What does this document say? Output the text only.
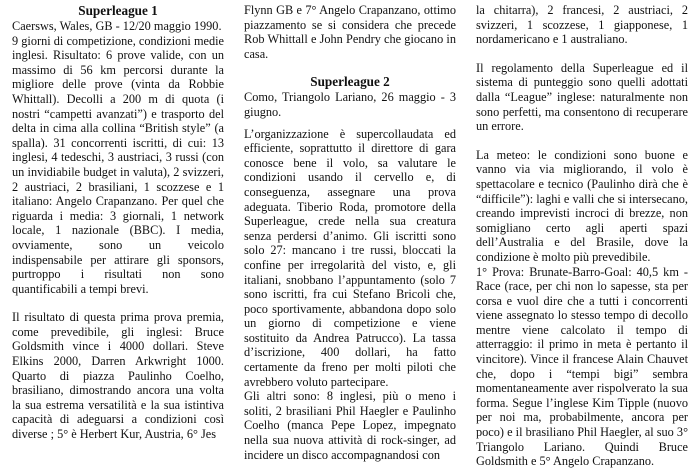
Superleague 1

Caersws, Wales, GB - 12/20 maggio 1990.

9 giorni di competizione, condizioni medie inglesi. Risultato: 6 prove valide, con un massimo di 56 km percorsi durante la migliore delle prove (vinta da Robbie Whittall). Decolli a 200 m di quota (i nostri “campetti avanzati”) e trasporto del delta in cima alla collina “British style” (a spalla). 31 concorrenti iscritti, di cui: 13 inglesi, 4 tedeschi, 3 austriaci, 3 russi (con un invidiabile budget in valuta), 2 svizzeri, 2 austriaci, 2 brasiliani, 1 scozzese e 1 italiano: Angelo Crapanzano. Per quel che riguarda i media: 3 giornali, 1 network locale, 1 nazionale (BBC). I media, ovviamente, sono un veicolo indispensabile per attirare gli sponsors, purtroppo i risultati non sono quantificabili a tempi brevi.

Il risultato di questa prima prova premia, come prevedibile, gli inglesi: Bruce Goldsmith vince i 4000 dollari. Steve Elkins 2000, Darren Arkwright 1000. Quarto di piazza Paulinho Coelho, brasiliano, dimostrando ancora una volta la sua estrema versatilità e la sua istintiva capacità di adeguarsi a condizioni così diverse ; 5° è Herbert Kur, Austria, 6° Jes

Flynn GB e 7° Angelo Crapanzano, ottimo piazzamento se si considera che precede Rob Whittall e John Pendry che giocano in casa.

Superleague 2

Como, Triangolo Lariano, 26 maggio - 3 giugno.

L’organizzazione è supercollaudata ed efficiente, soprattutto il direttore di gara conosce bene il volo, sa valutare le condizioni usando il cervello e, di conseguenza, assegnare una prova adeguata. Tiberio Roda, promotore della Superleague, crede nella sua creatura senza perdersi d’animo. Gli iscritti sono solo 27: mancano i tre russi, bloccati la confine per irregolarità del visto, e, gli italiani, snobbano l’appuntamento (solo 7 sono iscritti, fra cui Stefano Bricoli che, poco sportivamente, abbandona dopo solo un giorno di competizione e viene sostituito da Andrea Patrucco). La tassa d’iscrizione, 400 dollari, ha fatto certamente da freno per molti piloti che avrebbero voluto partecipare.

Gli altri sono: 8 inglesi, più o meno i soliti, 2 brasiliani Phil Haegler e Paulinho Coelho (manca Pepe Lopez, impegnato nella sua nuova attività di rock-singer, ad incidere un disco accompagnandosi con

la chitarra), 2 francesi, 2 austriaci, 2 svizzeri, 1 scozzese, 1 giapponese, 1 nordamericano e 1 australiano.

Il regolamento della Superleague ed il sistema di punteggio sono quelli adottati dalla “League” inglese: naturalmente non sono perfetti, ma consentono di recuperare un errore.

La meteo: le condizioni sono buone e vanno via via migliorando, il volo è spettacolare e tecnico (Paulinho dirà che è “difficile”): laghi e valli che si intersecano, creando imprevisti incroci di brezze, non somigliano certo agli aperti spazi dell’Australia e del Brasile, dove la condizione è molto più prevedibile.

1° Prova: Brunate-Barro-Goal: 40,5 km - Race (race, per chi non lo sapesse, sta per corsa e vuol dire che a tutti i concorrenti viene assegnato lo stesso tempo di decollo mentre viene calcolato il tempo di atterraggio: il primo in meta è pertanto il vincitore). Vince il francese Alain Chauvet che, dopo i “tempi bigi” sembra momentaneamente aver rispolverato la sua forma. Segue l’inglese Kim Tipple (nuovo per noi ma, probabilmente, ancora per poco) e il brasiliano Phil Haegler, al suo 3° Triangolo Lariano. Quindi Bruce Goldsmith e 5° Angelo Crapanzano.
